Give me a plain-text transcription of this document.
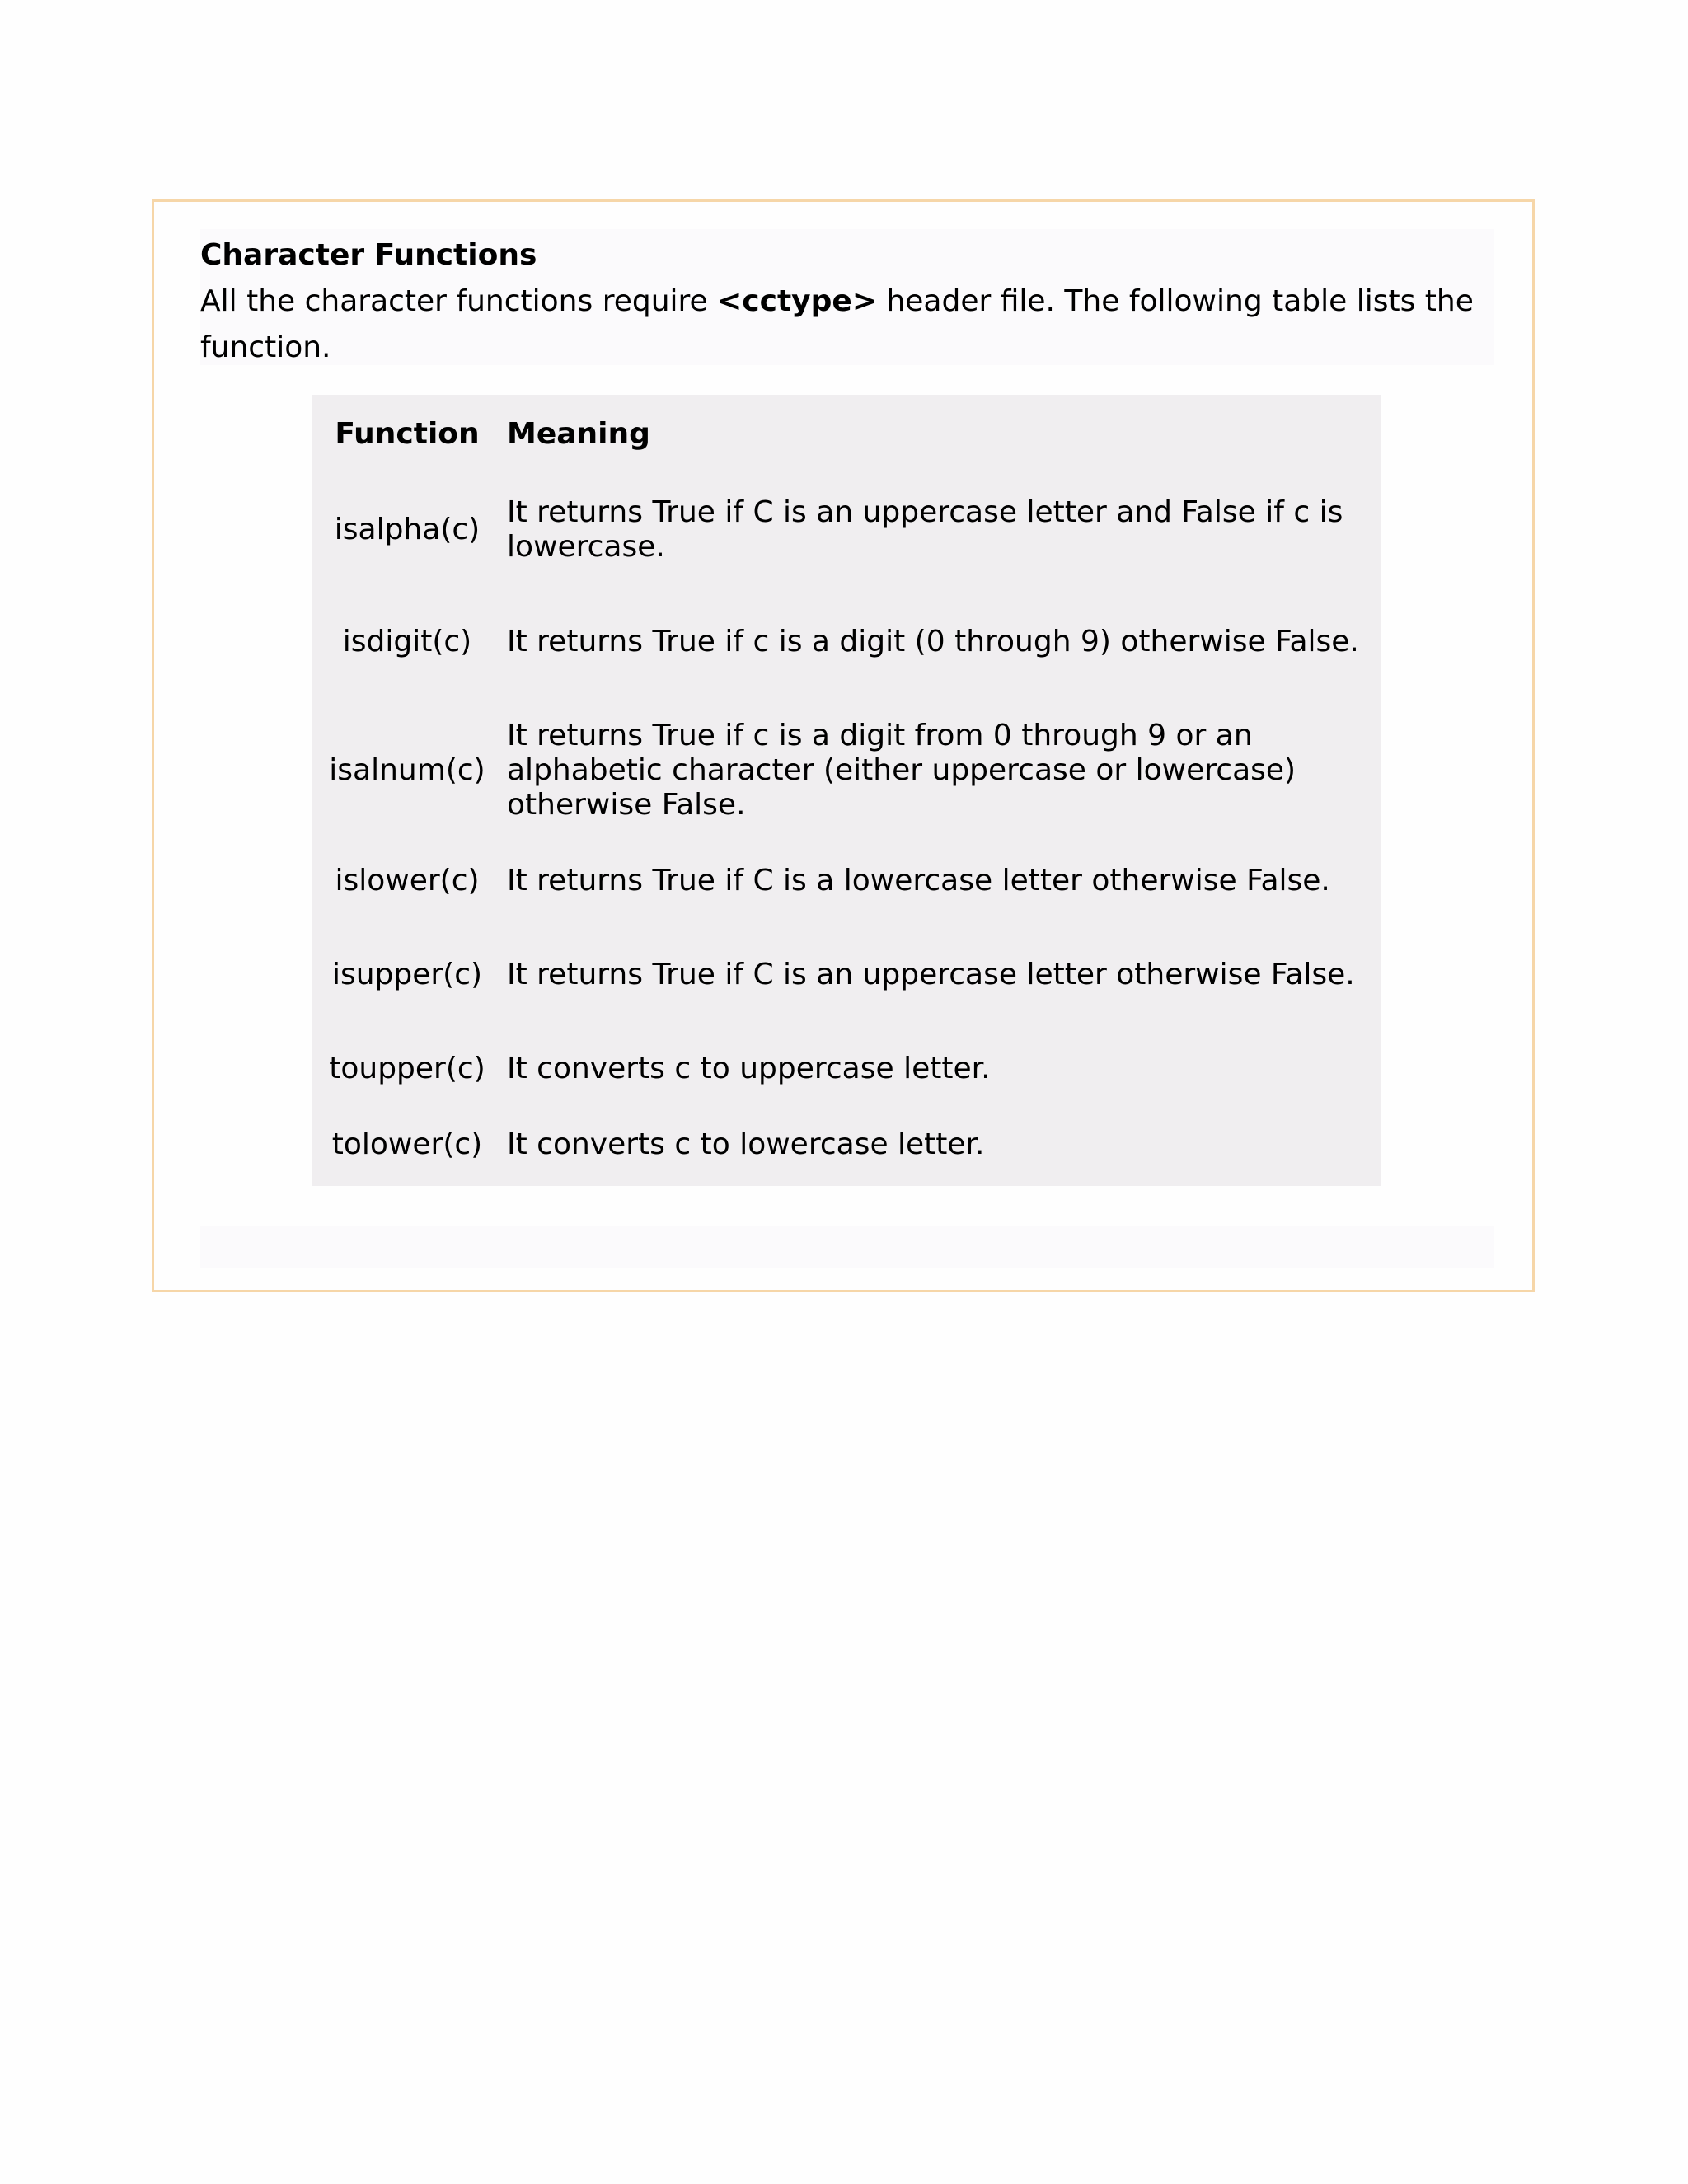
Character Functions

All the character functions require <cctype> header file. The following table lists the function.

Function		Meaning
isalpha(c)		It returns True if C is an uppercase letter and False if c is lowercase.
isdigit(c)		It returns True if c is a digit (0 through 9) otherwise False.
isalnum(c)		It returns True if c is a digit from 0 through 9 or an alphabetic character (either uppercase or lowercase) otherwise False.
islower(c)		It returns True if C is a lowercase letter otherwise False.
isupper(c)		It returns True if C is an uppercase letter otherwise False.
toupper(c)		It converts c to uppercase letter.
tolower(c)		It converts c to lowercase letter.
